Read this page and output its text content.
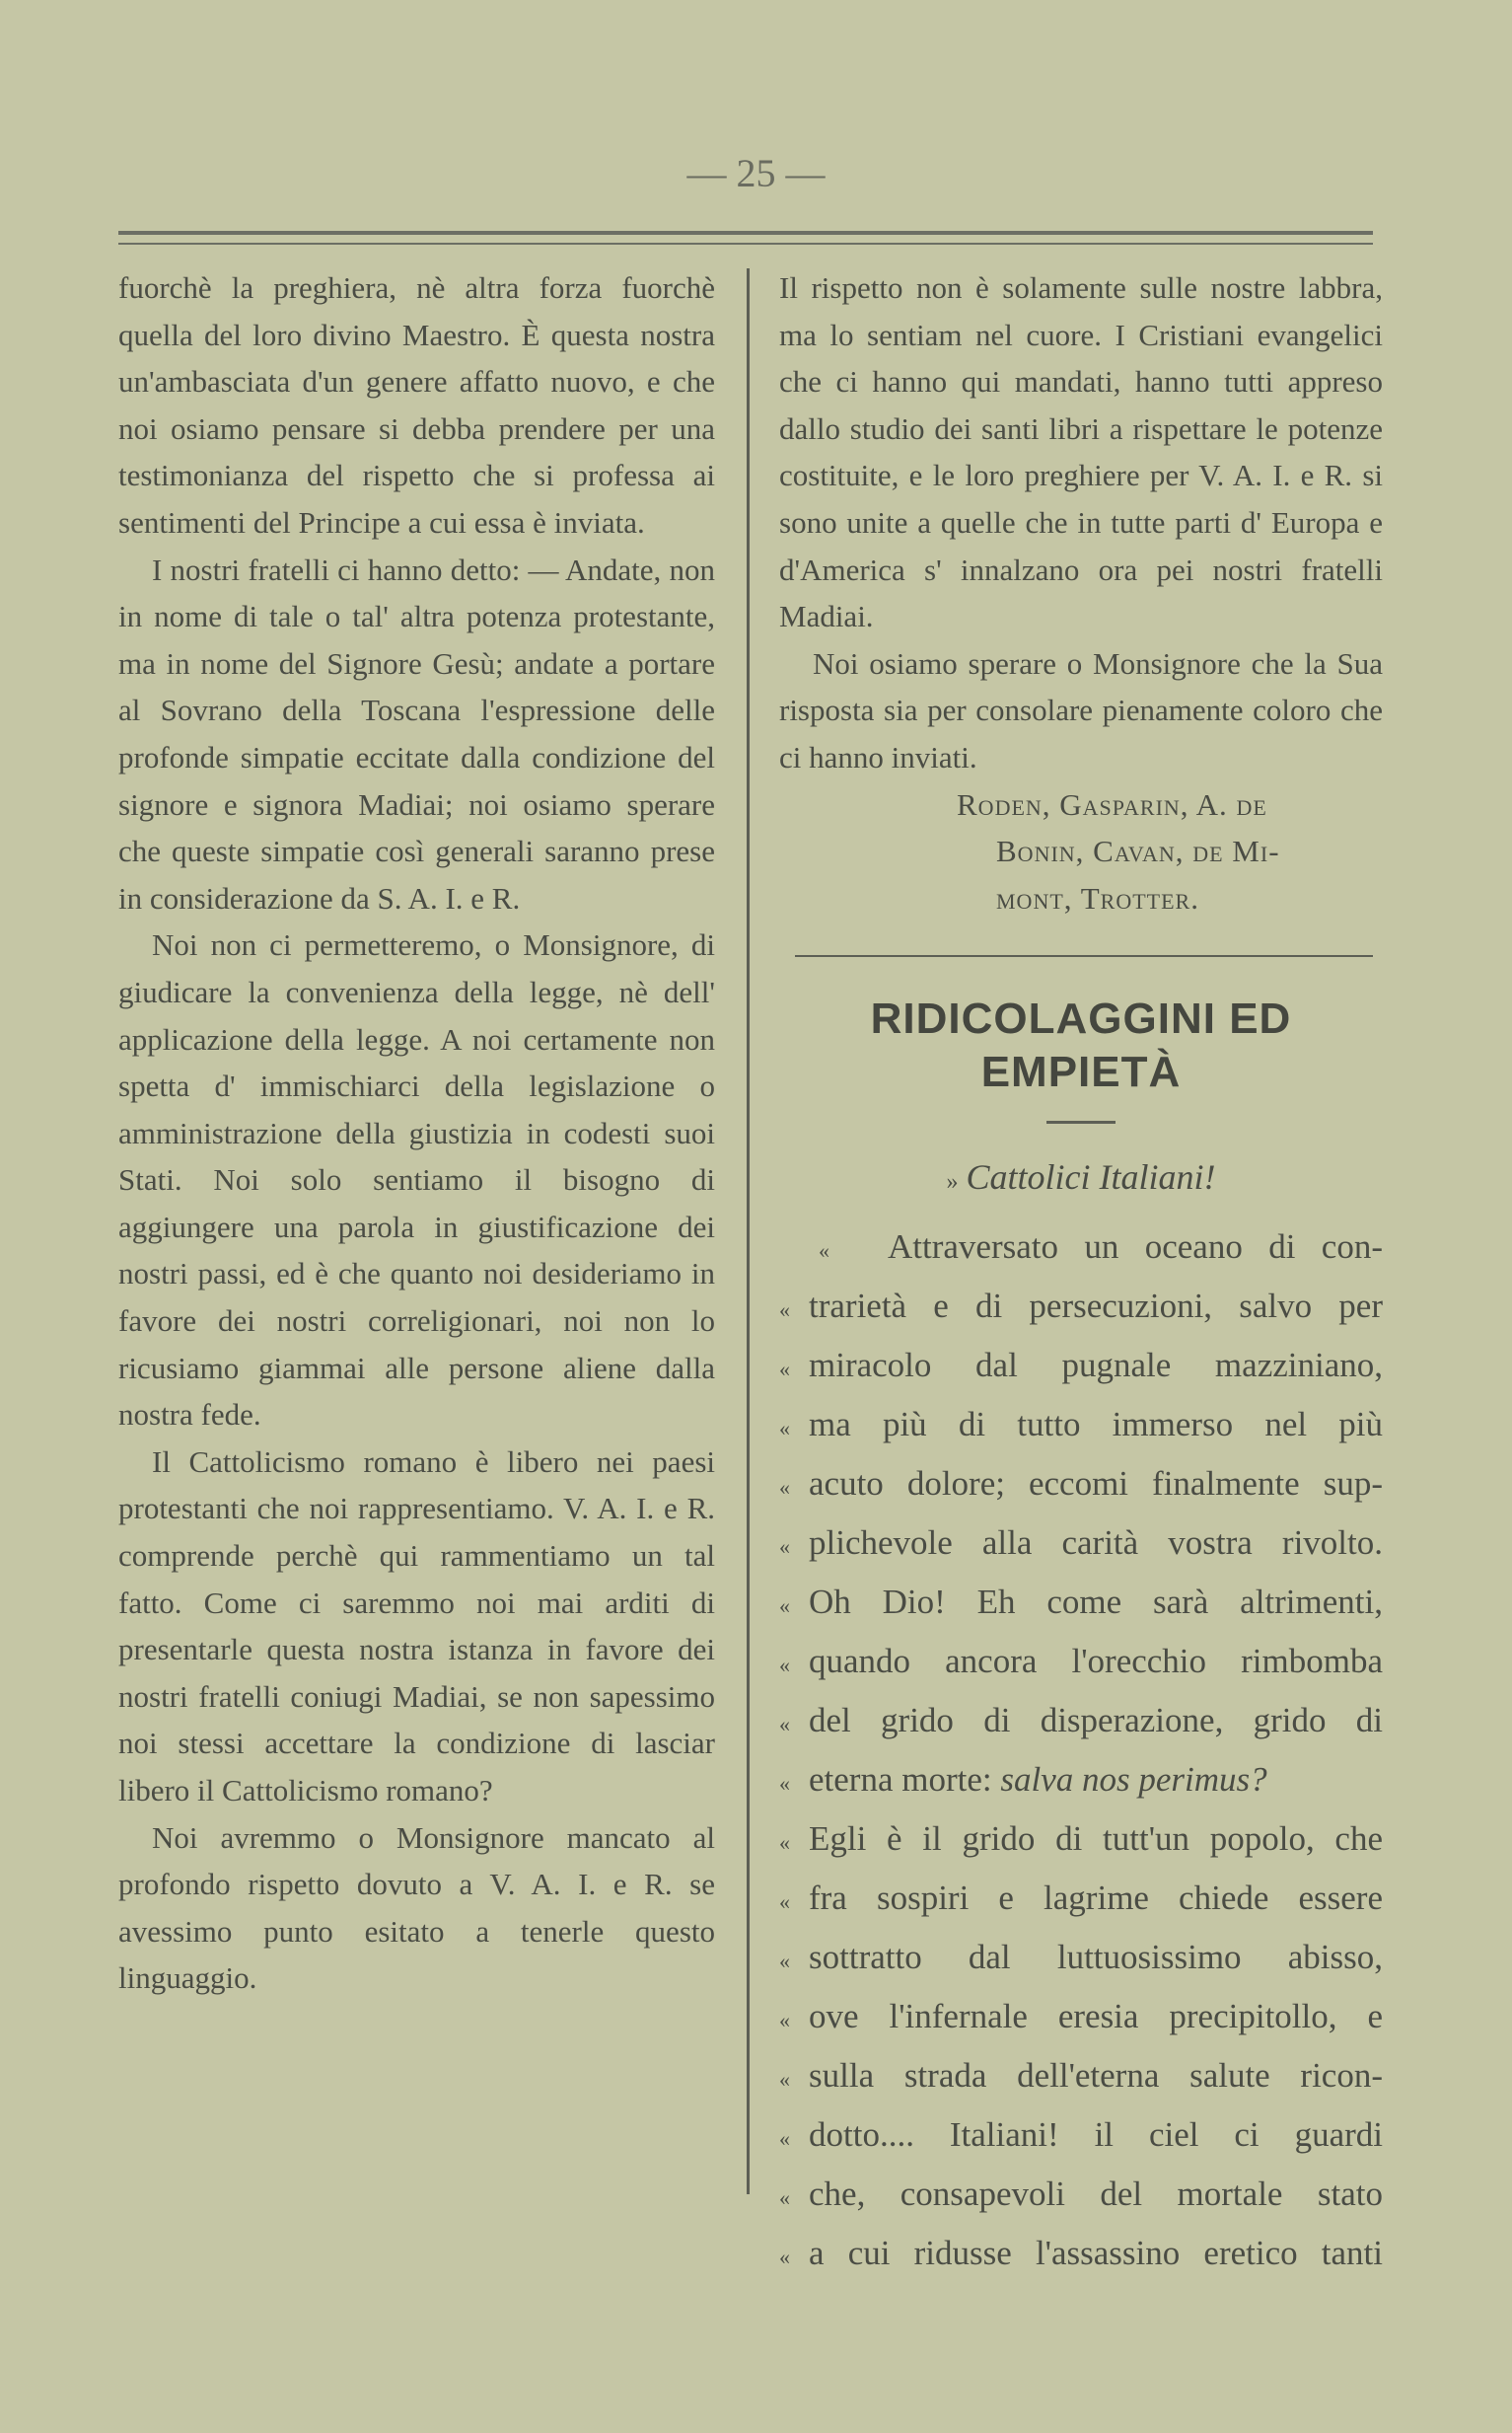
— 25 —

fuorchè la preghiera, nè altra forza fuorchè quella del loro divino Maestro. È questa nostra un'ambasciata d'un genere affatto nuovo, e che noi osiamo pensare si debba prendere per una testimonianza del rispetto che si professa ai sentimenti del Principe a cui essa è inviata.

I nostri fratelli ci hanno detto: — Andate, non in nome di tale o tal' altra potenza protestante, ma in nome del Signore Gesù; andate a portare al Sovrano della Toscana l'espressione delle profonde simpatie eccitate dalla condizione del signore e signora Madiai; noi osiamo sperare che queste simpatie così generali saranno prese in considerazione da S. A. I. e R.

Noi non ci permetteremo, o Monsignore, di giudicare la convenienza della legge, nè dell' applicazione della legge. A noi certamente non spetta d' immischiarci della legislazione o amministrazione della giustizia in codesti suoi Stati. Noi solo sentiamo il bisogno di aggiungere una parola in giustificazione dei nostri passi, ed è che quanto noi desideriamo in favore dei nostri correligionari, noi non lo ricusiamo giammai alle persone aliene dalla nostra fede.

Il Cattolicismo romano è libero nei paesi protestanti che noi rappresentiamo. V. A. I. e R. comprende perchè qui rammentiamo un tal fatto. Come ci saremmo noi mai arditi di presentarle questa nostra istanza in favore dei nostri fratelli coniugi Madiai, se non sapessimo noi stessi accettare la condizione di lasciar libero il Cattolicismo romano?

Noi avremmo o Monsignore mancato al profondo rispetto dovuto a V. A. I. e R. se avessimo punto esitato a tenerle questo linguaggio.

Il rispetto non è solamente sulle nostre labbra, ma lo sentiam nel cuore. I Cristiani evangelici che ci hanno qui mandati, hanno tutti appreso dallo studio dei santi libri a rispettare le potenze costituite, e le loro preghiere per V. A. I. e R. si sono unite a quelle che in tutte parti d' Europa e d'America s' innalzano ora pei nostri fratelli Madiai.

Noi osiamo sperare o Monsignore che la Sua risposta sia per consolare pienamente coloro che ci hanno inviati.

Roden, Gasparin, A. de

Bonin, Cavan, de Mi-

mont, Trotter.

RIDICOLAGGINI ED EMPIETÀ

» Cattolici Italiani!

«	Attraversato un oceano di con-
« trarietà e di persecuzioni, salvo per
« miracolo dal pugnale mazziniano,
« ma più di tutto immerso nel più
« acuto dolore; eccomi finalmente sup-
« plichevole alla carità vostra rivolto.
« Oh Dio! Eh come sarà altrimenti,
« quando ancora l'orecchio rimbomba
« del grido di disperazione, grido di
« eterna morte: salva nos perimus?
« Egli è il grido di tutt'un popolo, che
« fra sospiri e lagrime chiede essere
« sottratto dal luttuosissimo abisso,
« ove l'infernale eresia precipitollo, e
« sulla strada dell'eterna salute ricon-
« dotto.... Italiani! il ciel ci guardi
« che, consapevoli del mortale stato
« a cui ridusse l'assassino eretico tanti
